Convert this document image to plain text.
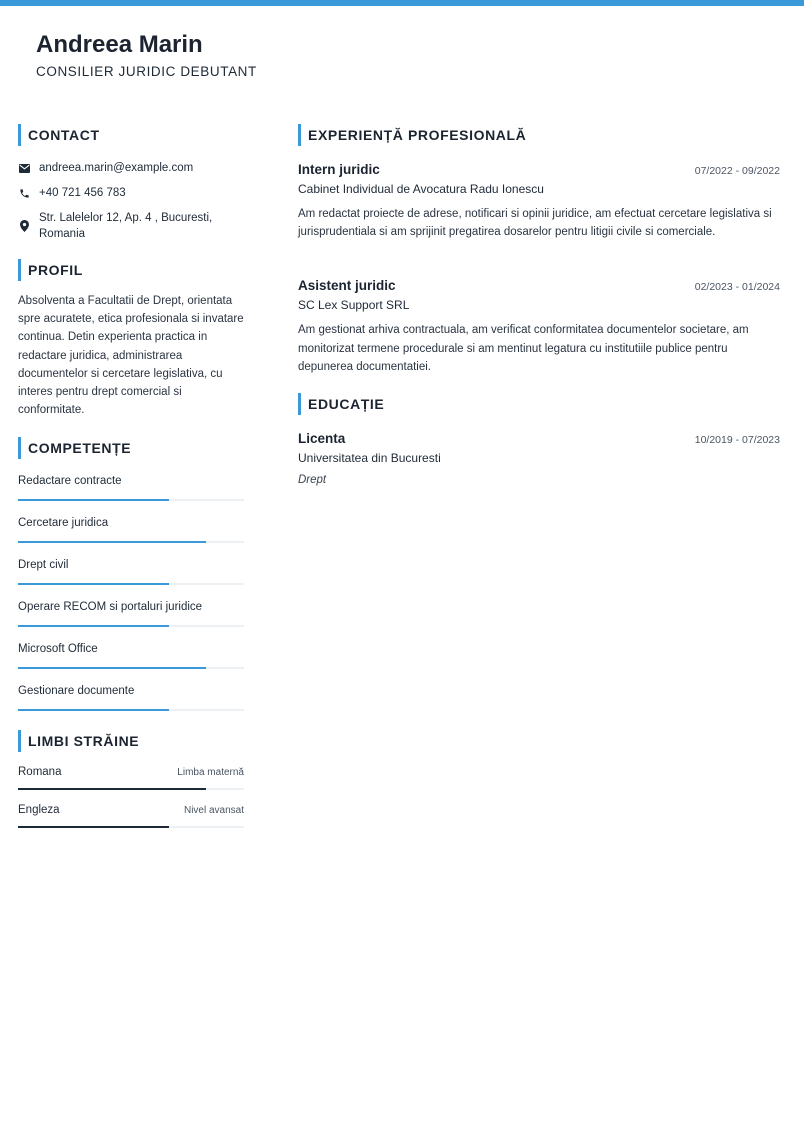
Andreea Marin
CONSILIER JURIDIC DEBUTANT
CONTACT
andreea.marin@example.com
+40 721 456 783
Str. Lalelelor 12, Ap. 4 , Bucuresti,
Romania
PROFIL
Absolventa a Facultatii de Drept, orientata spre acuratete, etica profesionala si invatare continua. Detin experienta practica in redactare juridica, administrarea documentelor si cercetare legislativa, cu interes pentru drept comercial si conformitate.
COMPETENȚE
Redactare contracte
Cercetare juridica
Drept civil
Operare RECOM si portaluri juridice
Microsoft Office
Gestionare documente
LIMBI STRĂINE
Romana	Limba maternă
Engleza	Nivel avansat
EXPERIENȚĂ PROFESIONALĂ
Intern juridic	07/2022 - 09/2022
Cabinet Individual de Avocatura Radu Ionescu
Am redactat proiecte de adrese, notificari si opinii juridice, am efectuat cercetare legislativa si jurisprudentiala si am sprijinit pregatirea dosarelor pentru litigii civile si comerciale.
Asistent juridic	02/2023 - 01/2024
SC Lex Support SRL
Am gestionat arhiva contractuala, am verificat conformitatea documentelor societare, am monitorizat termene procedurale si am mentinut legatura cu institutiile publice pentru depunerea documentatiei.
EDUCAȚIE
Licenta	10/2019 - 07/2023
Universitatea din Bucuresti
Drept
